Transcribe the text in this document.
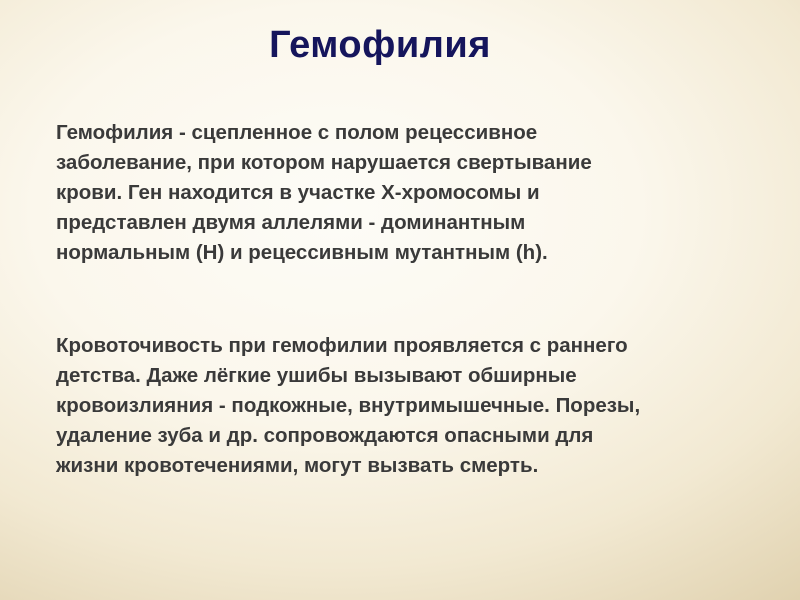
Гемофилия

Гемофилия - сцепленное с полом рецессивное
заболевание, при котором нарушается свертывание
крови. Ген находится в участке Х-хромосомы и
представлен двумя аллелями - доминантным
нормальным (Н) и рецессивным мутантным (h).

Кровоточивость при гемофилии проявляется с раннего
детства. Даже лёгкие ушибы вызывают обширные
кровоизлияния - подкожные, внутримышечные. Порезы,
удаление зуба и др. сопровождаются опасными для
жизни кровотечениями, могут вызвать смерть.
